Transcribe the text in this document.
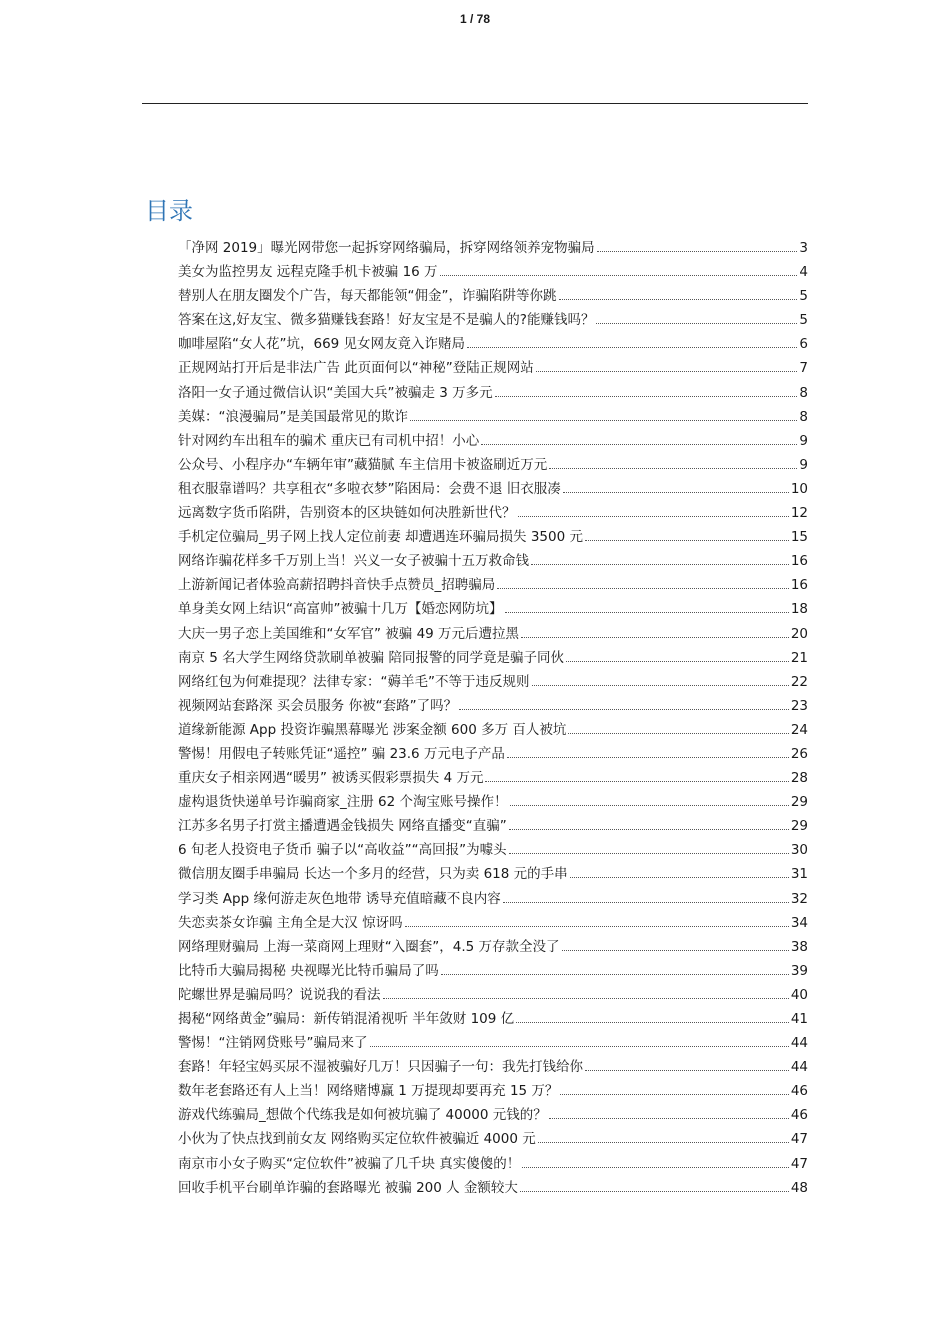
1 / 78
目录
「净网 2019」曝光网带您一起拆穿网络骗局，拆穿网络领养宠物骗局	3
美女为监控男友 远程克隆手机卡被骗 16 万	4
替别人在朋友圈发个广告，每天都能领“佣金”，诈骗陷阱等你跳	5
答案在这,好友宝、微多猫赚钱套路！好友宝是不是骗人的?能赚钱吗？	5
咖啡屋陷“女人花”坑，669 见女网友竟入诈赌局	6
正规网站打开后是非法广告 此页面何以“神秘”登陆正规网站	7
洛阳一女子通过微信认识“美国大兵”被骗走 3 万多元	8
美媒：“浪漫骗局”是美国最常见的欺诈	8
针对网约车出租车的骗术 重庆已有司机中招！小心	9
公众号、小程序办“车辆年审”藏猫腻 车主信用卡被盗刷近万元	9
租衣服靠谱吗？共享租衣“多啦衣梦”陷困局：会费不退 旧衣服凑	10
远离数字货币陷阱，告别资本的区块链如何决胜新世代？	12
手机定位骗局_男子网上找人定位前妻 却遭遇连环骗局损失 3500 元	15
网络诈骗花样多千万别上当！兴义一女子被骗十五万救命钱	16
上游新闻记者体验高薪招聘抖音快手点赞员_招聘骗局	16
单身美女网上结识“高富帅”被骗十几万【婚恋网防坑】	18
大庆一男子恋上美国维和“女军官” 被骗 49 万元后遭拉黑	20
南京 5 名大学生网络贷款刷单被骗 陪同报警的同学竟是骗子同伙	21
网络红包为何难提现？法律专家：“薅羊毛”不等于违反规则	22
视频网站套路深 买会员服务 你被“套路”了吗？	23
道缘新能源 App 投资诈骗黑幕曝光 涉案金额 600 多万 百人被坑	24
警惕！用假电子转账凭证“遥控” 骗 23.6 万元电子产品	26
重庆女子相亲网遇“暖男” 被诱买假彩票损失 4 万元	28
虚构退货快递单号诈骗商家_注册 62 个淘宝账号操作！	29
江苏多名男子打赏主播遭遇金钱损失 网络直播变“直骗”	29
6 旬老人投资电子货币 骗子以“高收益”“高回报”为噱头	30
微信朋友圈手串骗局 长达一个多月的经营，只为卖 618 元的手串	31
学习类 App 缘何游走灰色地带 诱导充值暗藏不良内容	32
失恋卖茶女诈骗 主角全是大汉 惊讶吗	34
网络理财骗局 上海一菜商网上理财“入圈套”，4.5 万存款全没了	38
比特币大骗局揭秘 央视曝光比特币骗局了吗	39
陀螺世界是骗局吗？说说我的看法	40
揭秘“网络黄金”骗局：新传销混淆视听 半年敛财 109 亿	41
警惕！“注销网贷账号”骗局来了	44
套路！年轻宝妈买尿不湿被骗好几万！只因骗子一句：我先打钱给你	44
数年老套路还有人上当！网络赌博赢 1 万提现却要再充 15 万？	46
游戏代练骗局_想做个代练我是如何被坑骗了 40000 元钱的？	46
小伙为了快点找到前女友 网络购买定位软件被骗近 4000 元	47
南京市小女子购买“定位软件”被骗了几千块 真实傻傻的！	47
回收手机平台刷单诈骗的套路曝光 被骗 200 人 金额较大	48
